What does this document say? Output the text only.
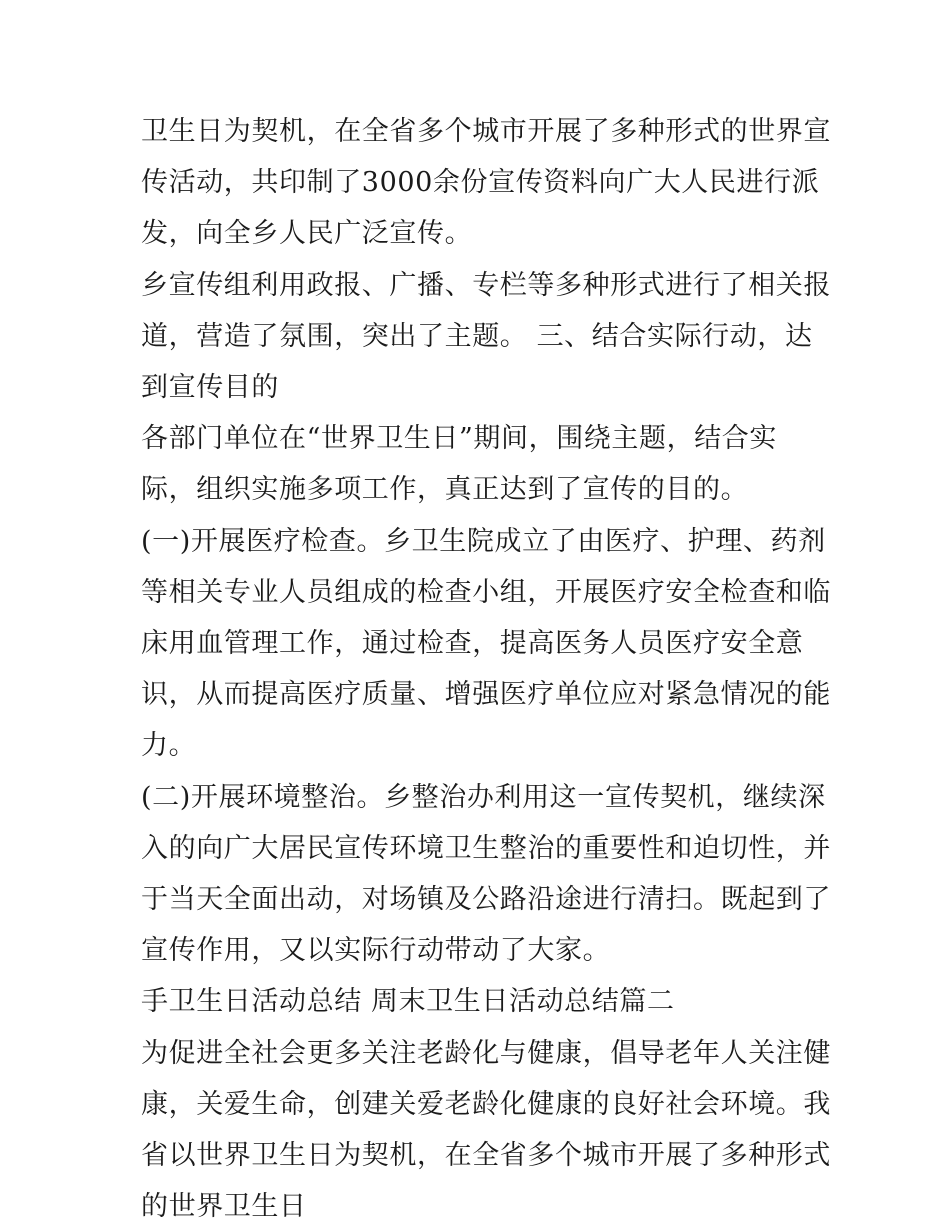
卫生日为契机，在全省多个城市开展了多种形式的世界宣传活动，共印制了3000余份宣传资料向广大人民进行派发，向全乡人民广泛宣传。

乡宣传组利用政报、广播、专栏等多种形式进行了相关报道，营造了氛围，突出了主题。 三、结合实际行动，达到宣传目的

各部门单位在“世界卫生日”期间，围绕主题，结合实际，组织实施多项工作，真正达到了宣传的目的。

(一)开展医疗检查。乡卫生院成立了由医疗、护理、药剂等相关专业人员组成的检查小组，开展医疗安全检查和临床用血管理工作，通过检查，提高医务人员医疗安全意识，从而提高医疗质量、增强医疗单位应对紧急情况的能力。

(二)开展环境整治。乡整治办利用这一宣传契机，继续深入的向广大居民宣传环境卫生整治的重要性和迫切性，并于当天全面出动，对场镇及公路沿途进行清扫。既起到了宣传作用，又以实际行动带动了大家。

手卫生日活动总结 周末卫生日活动总结篇二

为促进全社会更多关注老龄化与健康，倡导老年人关注健康，关爱生命，创建关爱老龄化健康的良好社会环境。我省以世界卫生日为契机，在全省多个城市开展了多种形式的世界卫生日
